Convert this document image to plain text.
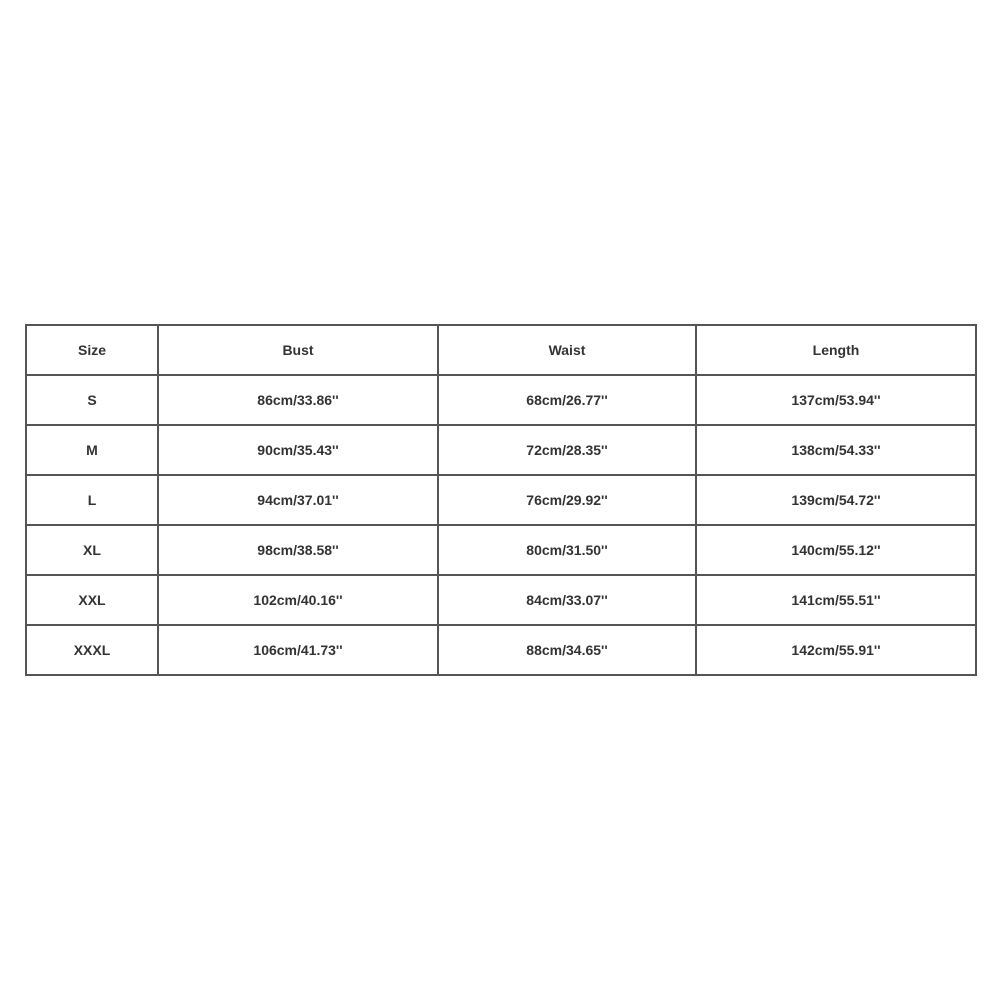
Size	Bust	Waist	Length
S	86cm/33.86''	68cm/26.77''	137cm/53.94''
M	90cm/35.43''	72cm/28.35''	138cm/54.33''
L	94cm/37.01''	76cm/29.92''	139cm/54.72''
XL	98cm/38.58''	80cm/31.50''	140cm/55.12''
XXL	102cm/40.16''	84cm/33.07''	141cm/55.51''
XXXL	106cm/41.73''	88cm/34.65''	142cm/55.91''
